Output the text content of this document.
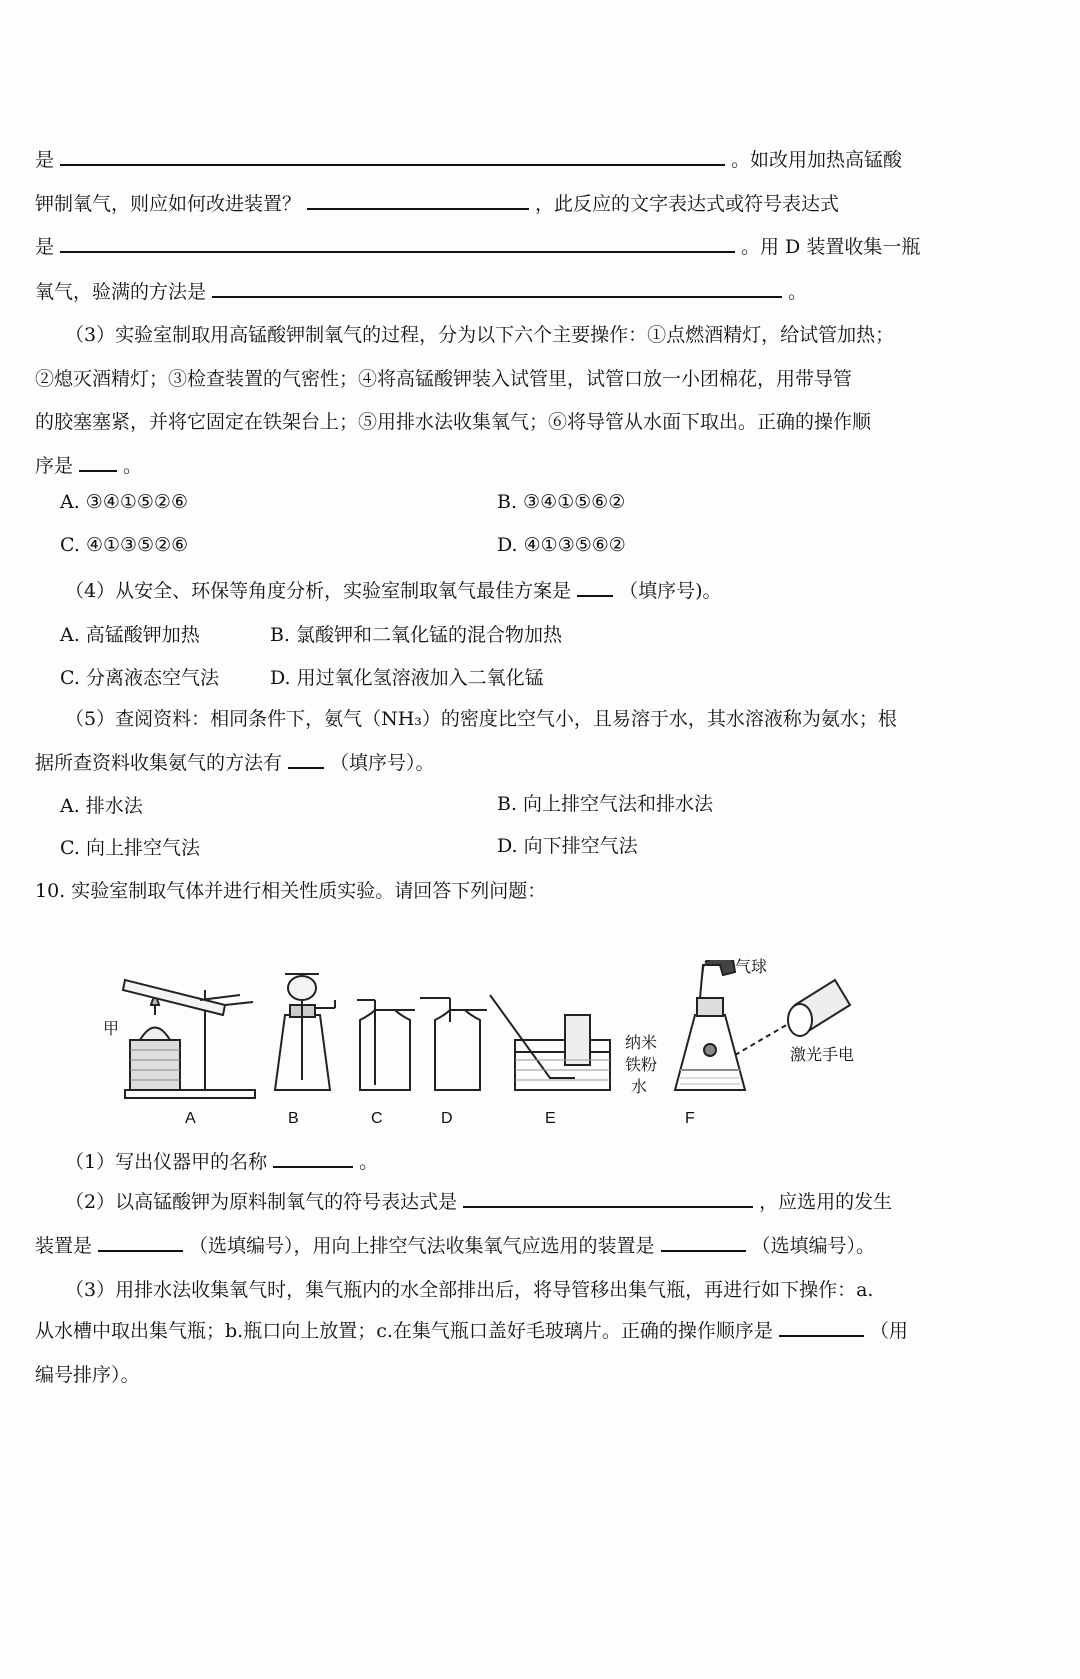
是	。如改用加热高锰酸
钾制氧气，则应如何改进装置？	，此反应的文字表达式或符号表达式
是	。用 D 装置收集一瓶
氧气，验满的方法是	。
（3）实验室制取用高锰酸钾制氧气的过程，分为以下六个主要操作：①点燃酒精灯，给试管加热；
②熄灭酒精灯；③检查装置的气密性；④将高锰酸钾装入试管里，试管口放一小团棉花，用带导管
的胶塞塞紧，并将它固定在铁架台上；⑤用排水法收集氧气；⑥将导管从水面下取出。正确的操作顺
序是	。
A. ③④①⑤②⑥	B. ③④①⑤⑥②
C. ④①③⑤②⑥	D. ④①③⑤⑥②
（4）从安全、环保等角度分析，实验室制取氧气最佳方案是	（填序号)。
A. 高锰酸钾加热	B. 氯酸钾和二氧化锰的混合物加热
C. 分离液态空气法	D. 用过氧化氢溶液加入二氧化锰
（5）查阅资料：相同条件下，氨气（NH₃）的密度比空气小，且易溶于水，其水溶液称为氨水；根
据所查资料收集氨气的方法有	（填序号）。
A. 排水法	B. 向上排空气法和排水法
C. 向上排空气法	D. 向下排空气法
10. 实验室制取气体并进行相关性质实验。请回答下列问题：
甲
气球
纳米
铁粉
水
激光手电
A	B	C	D	E	F
（1）写出仪器甲的名称	。
（2）以高锰酸钾为原料制氧气的符号表达式是	，应选用的发生
装置是	（选填编号），用向上排空气法收集氧气应选用的装置是	（选填编号）。
（3）用排水法收集氧气时，集气瓶内的水全部排出后，将导管移出集气瓶，再进行如下操作：a.
从水槽中取出集气瓶；b.瓶口向上放置；c.在集气瓶口盖好毛玻璃片。正确的操作顺序是	（用
编号排序）。
